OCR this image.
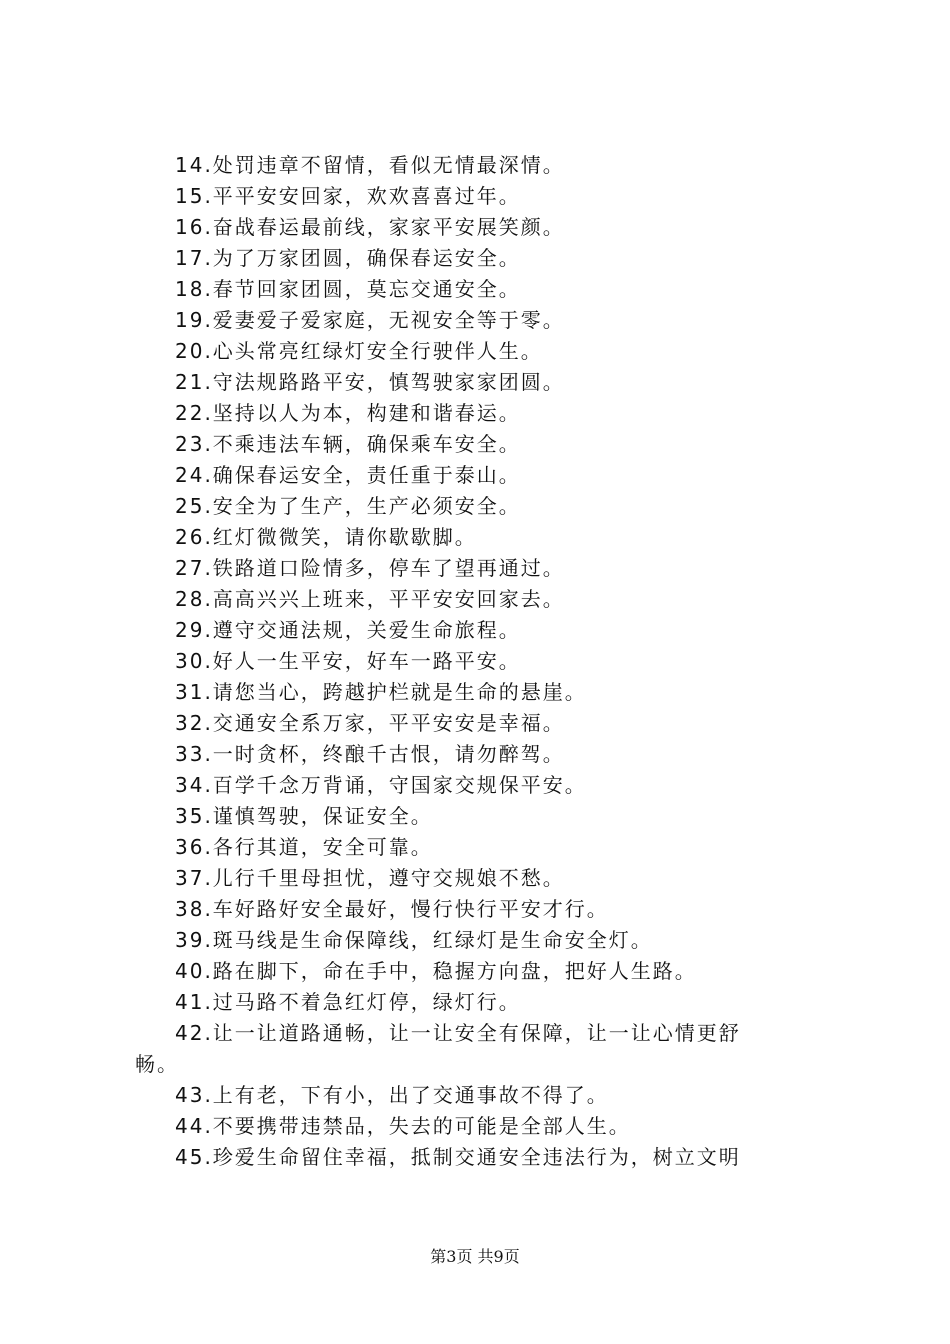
14.处罚违章不留情，看似无情最深情。
15.平平安安回家，欢欢喜喜过年。
16.奋战春运最前线，家家平安展笑颜。
17.为了万家团圆，确保春运安全。
18.春节回家团圆，莫忘交通安全。
19.爱妻爱子爱家庭，无视安全等于零。
20.心头常亮红绿灯安全行驶伴人生。
21.守法规路路平安，慎驾驶家家团圆。
22.坚持以人为本，构建和谐春运。
23.不乘违法车辆，确保乘车安全。
24.确保春运安全，责任重于泰山。
25.安全为了生产，生产必须安全。
26.红灯微微笑，请你歇歇脚。
27.铁路道口险情多，停车了望再通过。
28.高高兴兴上班来，平平安安回家去。
29.遵守交通法规，关爱生命旅程。
30.好人一生平安，好车一路平安。
31.请您当心，跨越护栏就是生命的悬崖。
32.交通安全系万家，平平安安是幸福。
33.一时贪杯，终酿千古恨，请勿醉驾。
34.百学千念万背诵，守国家交规保平安。
35.谨慎驾驶，保证安全。
36.各行其道，安全可靠。
37.儿行千里母担忧，遵守交规娘不愁。
38.车好路好安全最好，慢行快行平安才行。
39.斑马线是生命保障线，红绿灯是生命安全灯。
40.路在脚下，命在手中，稳握方向盘，把好人生路。
41.过马路不着急红灯停，绿灯行。
42.让一让道路通畅，让一让安全有保障，让一让心情更舒
畅。
43.上有老，下有小，出了交通事故不得了。
44.不要携带违禁品，失去的可能是全部人生。
45.珍爱生命留住幸福，抵制交通安全违法行为，树立文明
第3页 共9页
